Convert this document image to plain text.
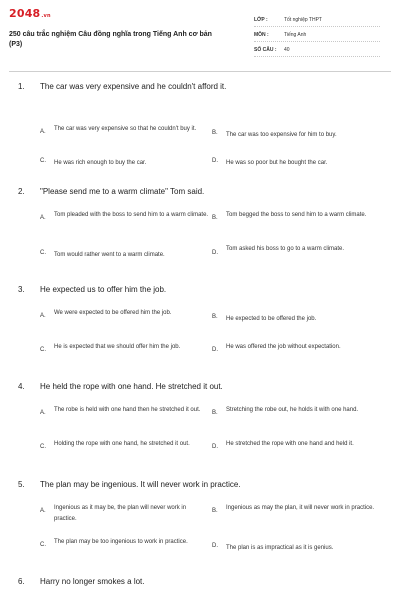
2048.vn
250 câu trắc nghiệm Câu đồng nghĩa trong Tiếng Anh cơ bản (P3)
LỚP :	Tốt nghiệp THPT
MÔN :	Tiếng Anh
SỐ CÂU : 40
1.	The car was very expensive and he couldn't afford it.
A. The car was very expensive so that he couldn't buy it.
B. The car was too expensive for him to buy.
C. He was rich enough to buy the car.	D. He was so poor but he bought the car.
2.	"Please send me to a warm climate" Tom said.
A. Tom pleaded with the boss to send him to a warm climate. B. Tom begged the boss to send him to a warm climate.
C. Tom would rather went to a warm climate.	D.
Tom asked his boss to go to a warm climate.
3.	He expected us to offer him the job.
A. We were expected to be offered him the job.
B. He expected to be offered the job.
C. He is expected that we should offer him the job.	D. He was offered the job without expectation.
4.	He held the rope with one hand. He stretched it out.
A. The robe is held with one hand then he stretched it out.	B. Stretching the robe out, he holds it with one hand.
C. Holding the rope with one hand, he stretched it out.	D. He stretched the rope with one hand and held it.
5.	The plan may be ingenious. It will never work in practice.
A. Ingenious as it may be, the plan will never work in practice.
B. Ingenious as may the plan, it will never work in practice.
C. The plan may be too ingenious to work in practice.
D. The plan is as impractical as it is genius.
6.	Harry no longer smokes a lot.
